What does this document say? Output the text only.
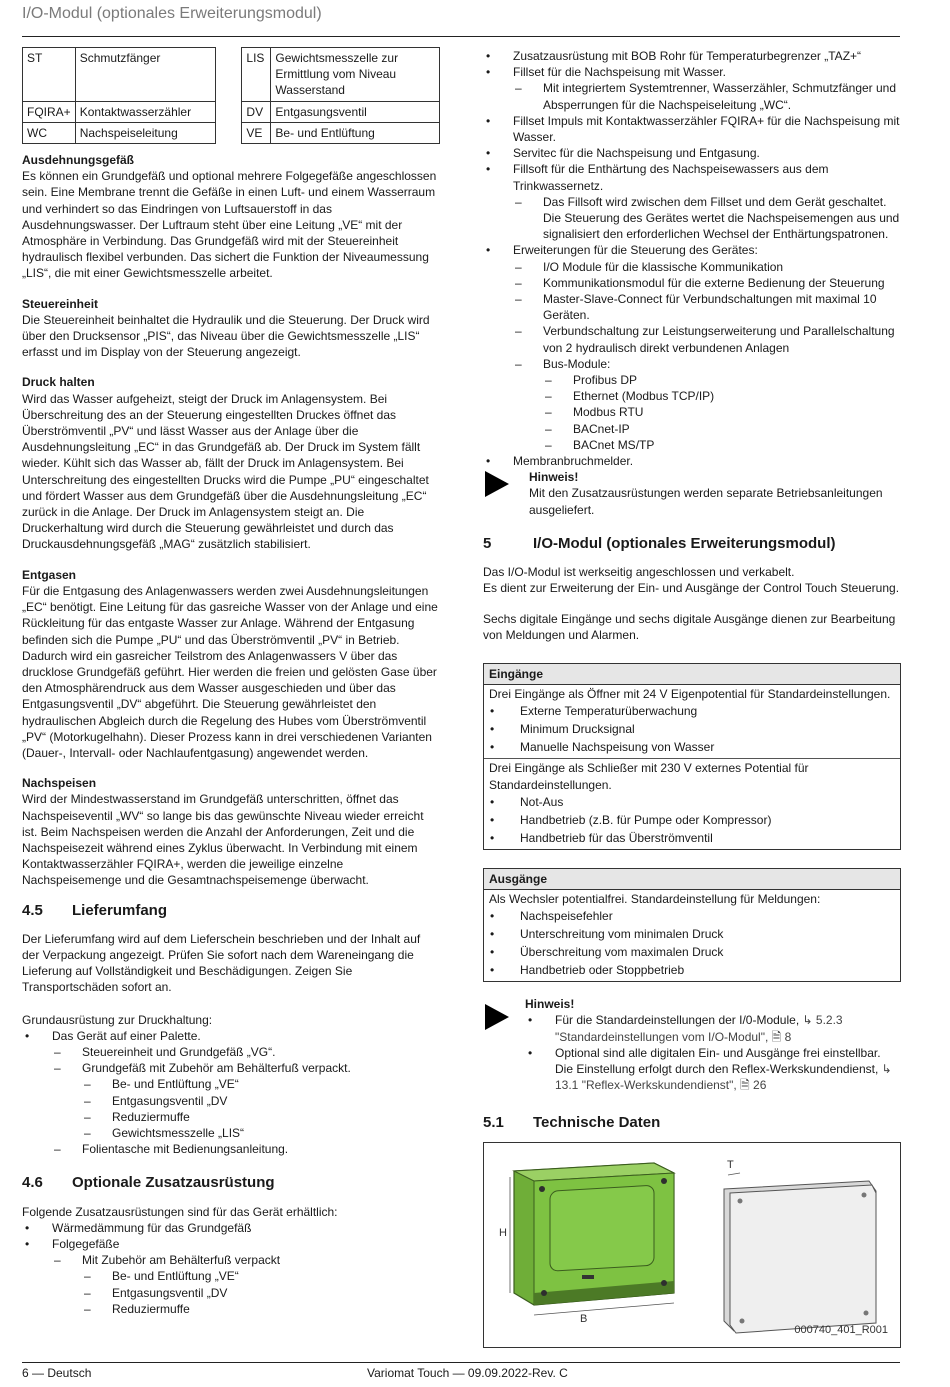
I/O-Modul (optionales Erweiterungsmodul)
ST	Schmutzfänger		LIS	Gewichtsmesszelle zur Ermittlung vom Niveau Wasserstand
FQIRA+	Kontaktwasserzähler		DV	Entgasungsventil
WC	Nachspeiseleitung		VE	Be- und Entlüftung
Ausdehnungsgefäß

Es können ein Grundgefäß und optional mehrere Folgegefäße angeschlossen sein. Eine Membrane trennt die Gefäße in einen Luft- und einem Wasserraum und verhindert so das Eindringen von Luftsauerstoff in das Ausdehnungswasser. Der Luftraum steht über eine Leitung „VE“ mit der Atmosphäre in Verbindung. Das Grundgefäß wird mit der Steuereinheit hydraulisch flexibel verbunden. Das sichert die Funktion der Niveaumessung „LIS“, die mit einer Gewichtsmesszelle arbeitet.

Steuereinheit

Die Steuereinheit beinhaltet die Hydraulik und die Steuerung. Der Druck wird über den Drucksensor „PIS“, das Niveau über die Gewichtsmesszelle „LIS“ erfasst und im Display von der Steuerung angezeigt.

Druck halten

Wird das Wasser aufgeheizt, steigt der Druck im Anlagensystem. Bei Überschreitung des an der Steuerung eingestellten Druckes öffnet das Überströmventil „PV“ und lässt Wasser aus der Anlage über die Ausdehnungsleitung „EC“ in das Grundgefäß ab. Der Druck im System fällt wieder. Kühlt sich das Wasser ab, fällt der Druck im Anlagensystem. Bei Unterschreitung des eingestellten Drucks wird die Pumpe „PU“ eingeschaltet und fördert Wasser aus dem Grundgefäß über die Ausdehnungsleitung „EC“ zurück in die Anlage. Der Druck im Anlagensystem steigt an. Die Druckerhaltung wird durch die Steuerung gewährleistet und durch das Druckausdehnungsgefäß „MAG“ zusätzlich stabilisiert.

Entgasen

Für die Entgasung des Anlagenwassers werden zwei Ausdehnungsleitungen „EC“ benötigt. Eine Leitung für das gasreiche Wasser von der Anlage und eine Rückleitung für das entgaste Wasser zur Anlage. Während der Entgasung befinden sich die Pumpe „PU“ und das Überströmventil „PV“ in Betrieb. Dadurch wird ein gasreicher Teilstrom des Anlagenwassers V über das drucklose Grundgefäß geführt. Hier werden die freien und gelösten Gase über den Atmosphärendruck aus dem Wasser ausgeschieden und über das Entgasungsventil „DV“ abgeführt. Die Steuerung gewährleistet den hydraulischen Abgleich durch die Regelung des Hubes vom Überströmventil „PV“ (Motorkugelhahn). Dieser Prozess kann in drei verschiedenen Varianten (Dauer-, Intervall- oder Nachlaufentgasung) angewendet werden.

Nachspeisen

Wird der Mindestwasserstand im Grundgefäß unterschritten, öffnet das Nachspeiseventil „WV“ so lange bis das gewünschte Niveau wieder erreicht ist. Beim Nachspeisen werden die Anzahl der Anforderungen, Zeit und die Nachspeisezeit während eines Zyklus überwacht. In Verbindung mit einem Kontaktwasserzähler FQIRA+, werden die jeweilige einzelne Nachspeisemenge und die Gesamtnachspeisemenge überwacht.

4.5 Lieferumfang

Der Lieferumfang wird auf dem Lieferschein beschrieben und der Inhalt auf der Verpackung angezeigt. Prüfen Sie sofort nach dem Wareneingang die Lieferung auf Vollständigkeit und Beschädigungen. Zeigen Sie Transportschäden sofort an.

Grundausrüstung zur Druckhaltung:

• Das Gerät auf einer Palette.
– Steuereinheit und Grundgefäß „VG“.
– Grundgefäß mit Zubehör am Behälterfuß verpackt.
– Be- und Entlüftung „VE“
– Entgasungsventil „DV
– Reduziermuffe
– Gewichtsmesszelle „LIS“
– Folientasche mit Bedienungsanleitung.
4.6 Optionale Zusatzausrüstung

Folgende Zusatzausrüstungen sind für das Gerät erhältlich:

• Wärmedämmung für das Grundgefäß
• Folgegefäße
– Mit Zubehör am Behälterfuß verpackt
– Be- und Entlüftung „VE“
– Entgasungsventil „DV
– Reduziermuffe
• Zusatzausrüstung mit BOB Rohr für Temperaturbegrenzer „TAZ+“
• Fillset für die Nachspeisung mit Wasser.
– Mit integriertem Systemtrenner, Wasserzähler, Schmutzfänger und Absperrungen für die Nachspeiseleitung „WC“.
• Fillset Impuls mit Kontaktwasserzähler FQIRA+ für die Nachspeisung mit Wasser.
• Servitec für die Nachspeisung und Entgasung.
• Fillsoft für die Enthärtung des Nachspeisewassers aus dem Trinkwassernetz.
– Das Fillsoft wird zwischen dem Fillset und dem Gerät geschaltet. Die Steuerung des Gerätes wertet die Nachspeisemengen aus und signalisiert den erforderlichen Wechsel der Enthärtungspatronen.
• Erweiterungen für die Steuerung des Gerätes:
– I/O Module für die klassische Kommunikation
– Kommunikationsmodul für die externe Bedienung der Steuerung
– Master-Slave-Connect für Verbundschaltungen mit maximal 10 Geräten.
– Verbundschaltung zur Leistungserweiterung und Parallelschaltung von 2 hydraulisch direkt verbundenen Anlagen
– Bus-Module:
– Profibus DP
– Ethernet (Modbus TCP/IP)
– Modbus RTU
– BACnet-IP
– BACnet MS/TP
• Membranbruchmelder.
Hinweis!
Mit den Zusatzausrüstungen werden separate Betriebsanleitungen ausgeliefert.
5	I/O-Modul (optionales Erweiterungsmodul)

Das I/O-Modul ist werkseitig angeschlossen und verkabelt.

Es dient zur Erweiterung der Ein- und Ausgänge der Control Touch Steuerung.

Sechs digitale Eingänge und sechs digitale Ausgänge dienen zur Bearbeitung von Meldungen und Alarmen.

Eingänge
Drei Eingänge als Öffner mit 24 V Eigenpotential für Standardeinstellungen.
• Externe Temperaturüberwachung
• Minimum Drucksignal
• Manuelle Nachspeisung von Wasser
Drei Eingänge als Schließer mit 230 V externes Potential für Standardeinstellungen.
• Not-Aus
• Handbetrieb (z.B. für Pumpe oder Kompressor)
• Handbetrieb für das Überströmventil
Ausgänge
Als Wechsler potentialfrei. Standardeinstellung für Meldungen:
• Nachspeisefehler
• Unterschreitung vom minimalen Druck
• Überschreitung vom maximalen Druck
• Handbetrieb oder Stoppbetrieb
Hinweis!
• Für die Standardeinstellungen der I/0-Module, ↳ 5.2.3 "Standardeinstellungen vom I/O-Modul", 🗎 8
• Optional sind alle digitalen Ein- und Ausgänge frei einstellbar. Die Einstellung erfolgt durch den Reflex-Werkskundendienst, ↳ 13.1 "Reflex-Werkskundendienst", 🗎 26
5.1 Technische Daten
H
B
T
000740_401_R001
6 — Deutsch	Variomat Touch — 09.09.2022-Rev. C
